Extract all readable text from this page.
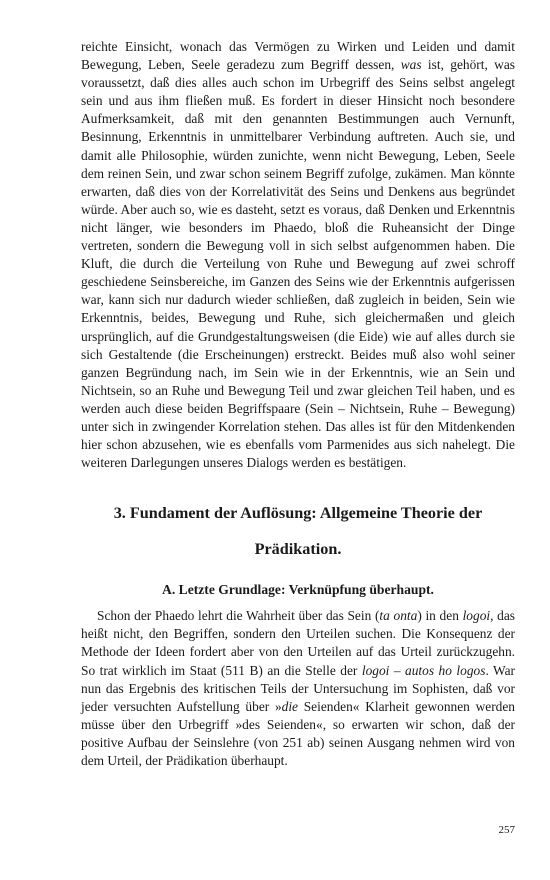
reichte Einsicht, wonach das Vermögen zu Wirken und Leiden und damit Bewegung, Leben, Seele geradezu zum Begriff dessen, was ist, gehört, was voraussetzt, daß dies alles auch schon im Urbegriff des Seins selbst angelegt sein und aus ihm fließen muß. Es fordert in dieser Hinsicht noch besondere Aufmerksamkeit, daß mit den genannten Bestimmungen auch Vernunft, Besinnung, Erkenntnis in unmittelbarer Verbindung auftreten. Auch sie, und damit alle Philosophie, würden zunichte, wenn nicht Bewegung, Leben, Seele dem reinen Sein, und zwar schon seinem Begriff zufolge, zukämen. Man könnte erwarten, daß dies von der Korrelativität des Seins und Denkens aus begründet würde. Aber auch so, wie es dasteht, setzt es voraus, daß Denken und Erkenntnis nicht länger, wie besonders im Phaedo, bloß die Ruheansicht der Dinge vertreten, sondern die Bewegung voll in sich selbst aufgenommen haben. Die Kluft, die durch die Verteilung von Ruhe und Bewegung auf zwei schroff geschiedene Seinsbereiche, im Ganzen des Seins wie der Erkenntnis aufgerissen war, kann sich nur dadurch wieder schließen, daß zugleich in beiden, Sein wie Erkenntnis, beides, Bewegung und Ruhe, sich gleichermaßen und gleich ursprünglich, auf die Grundgestaltungsweisen (die Eide) wie auf alles durch sie sich Gestaltende (die Erscheinungen) erstreckt. Beides muß also wohl seiner ganzen Begründung nach, im Sein wie in der Erkenntnis, wie an Sein und Nichtsein, so an Ruhe und Bewegung Teil und zwar gleichen Teil haben, und es werden auch diese beiden Begriffspaare (Sein – Nichtsein, Ruhe – Bewegung) unter sich in zwingender Korrelation stehen. Das alles ist für den Mitdenkenden hier schon abzusehen, wie es ebenfalls vom Parmenides aus sich nahelegt. Die weiteren Darlegungen unseres Dialogs werden es bestätigen.

3. Fundament der Auflösung: Allgemeine Theorie der Prädikation.
A. Letzte Grundlage: Verknüpfung überhaupt.

Schon der Phaedo lehrt die Wahrheit über das Sein (ta onta) in den logoi, das heißt nicht, den Begriffen, sondern den Urteilen suchen. Die Konsequenz der Methode der Ideen fordert aber von den Urteilen auf das Urteil zurückzugehn. So trat wirklich im Staat (511 B) an die Stelle der logoi – autos ho logos. War nun das Ergebnis des kritischen Teils der Untersuchung im Sophisten, daß vor jeder versuchten Aufstellung über »die Seienden« Klarheit gewonnen werden müsse über den Urbegriff »des Seienden«, so erwarten wir schon, daß der positive Aufbau der Seinslehre (von 251 ab) seinen Ausgang nehmen wird von dem Urteil, der Prädikation überhaupt.

257
